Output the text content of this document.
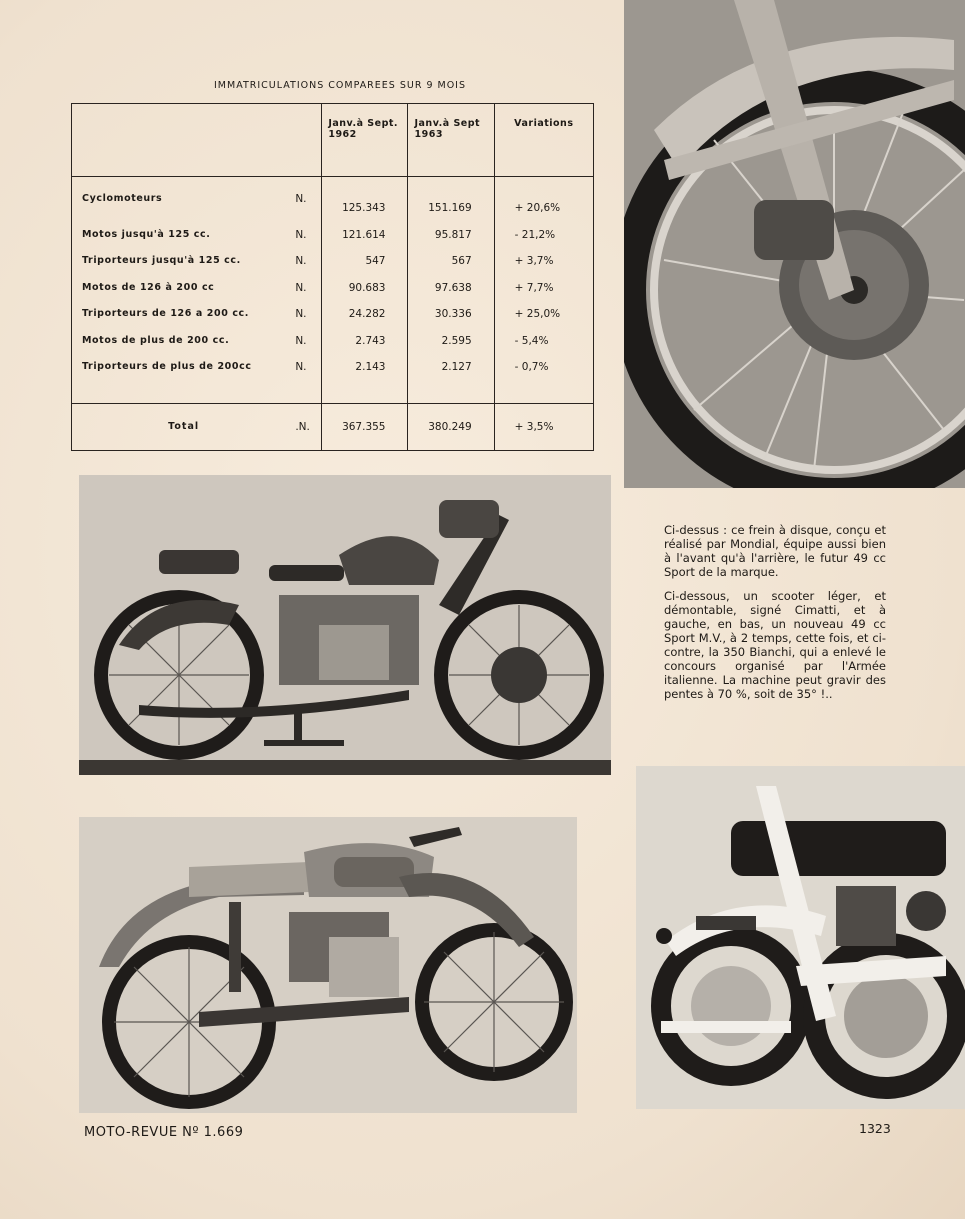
IMMATRICULATIONS COMPAREES SUR 9 MOIS
	Janv.à Sept. 1962	Janv.à Sept 1963	Variations

Cyclomoteurs N.	125.343	151.169	+ 20,6%

Motos jusqu'à 125 cc. N.	121.614	95.817	- 21,2%

Triporteurs jusqu'à 125 cc. N.	547	567	+ 3,7%

Motos de 126 à 200 cc N.	90.683	97.638	+ 7,7%

Triporteurs de 126 a 200 cc. N.	24.282	30.336	+ 25,0%

Motos de plus de 200 cc. N.	2.743	2.595	- 5,4%

Triporteurs de plus de 200cc N.	2.143	2.127	- 0,7%

Total .N.	367.355	380.249	+ 3,5%

Ci-dessus : ce frein à disque, conçu et réalisé par Mondial, équipe aussi bien à l'avant qu'à l'arrière, le futur 49 cc Sport de la marque.

Ci-dessous, un scooter léger, et démontable, signé Cimatti, et à gauche, en bas, un nouveau 49 cc Sport M.V., à 2 temps, cette fois, et ci-contre, la 350 Bianchi, qui a enlevé le concours organisé par l'Armée italienne. La machine peut gravir des pentes à 70 %, soit de 35° !..

MOTO-REVUE Nº 1.669	1323
